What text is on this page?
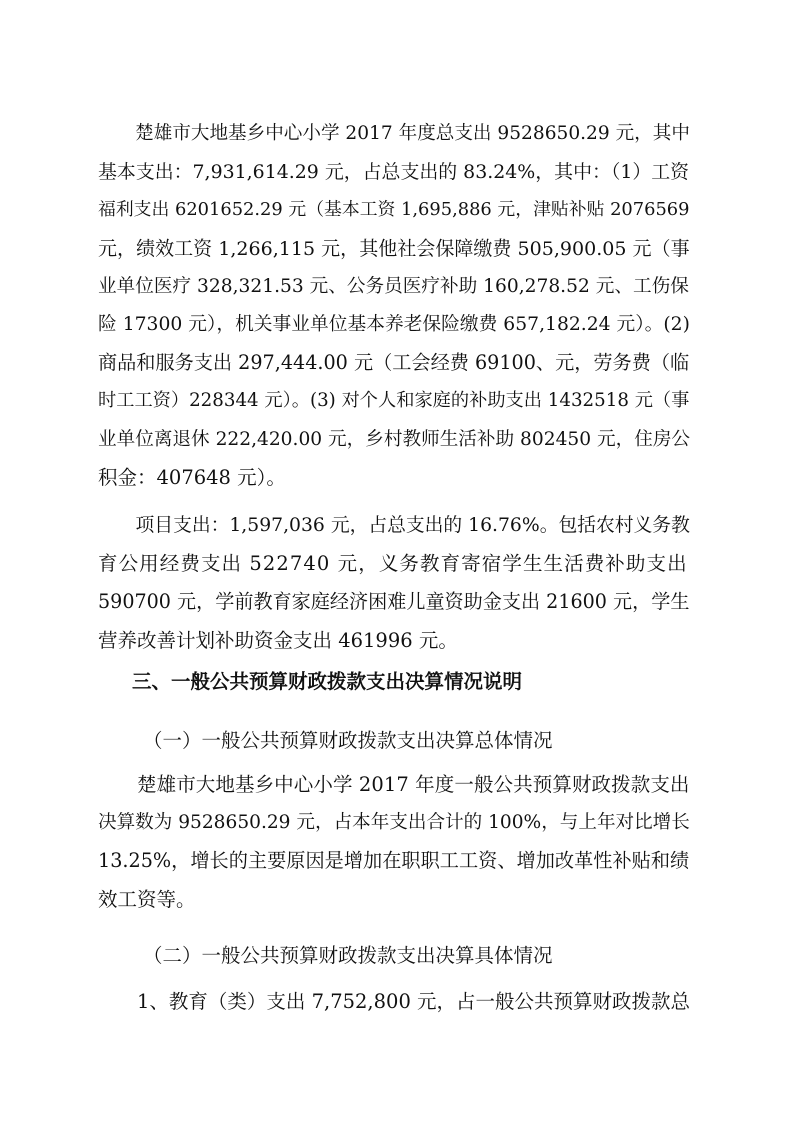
楚雄市大地基乡中心小学 2017 年度总支出 9528650.29 元，其中
基本支出：7,931,614.29 元，占总支出的 83.24%，其中：（1）工资
福利支出 6201652.29 元（基本工资 1,695,886 元，津贴补贴 2076569
元，绩效工资 1,266,115 元，其他社会保障缴费 505,900.05 元（事
业单位医疗 328,321.53 元、公务员医疗补助 160,278.52 元、工伤保
险 17300 元），机关事业单位基本养老保险缴费 657,182.24 元）。(2)
商品和服务支出 297,444.00 元（工会经费 69100、元，劳务费（临
时工工资）228344 元）。(3) 对个人和家庭的补助支出 1432518 元（事
业单位离退休 222,420.00 元，乡村教师生活补助 802450 元，住房公
积金：407648 元）。

项目支出：1,597,036 元，占总支出的 16.76%。包括农村义务教
育公用经费支出 522740 元，义务教育寄宿学生生活费补助支出
590700 元，学前教育家庭经济困难儿童资助金支出 21600 元，学生
营养改善计划补助资金支出 461996 元。

三、一般公共预算财政拨款支出决算情况说明

（一）一般公共预算财政拨款支出决算总体情况

楚雄市大地基乡中心小学 2017 年度一般公共预算财政拨款支出
决算数为 9528650.29 元，占本年支出合计的 100%，与上年对比增长
13.25%，增长的主要原因是增加在职职工工资、增加改革性补贴和绩
效工资等。

（二）一般公共预算财政拨款支出决算具体情况

1、教育（类）支出 7,752,800 元，占一般公共预算财政拨款总
